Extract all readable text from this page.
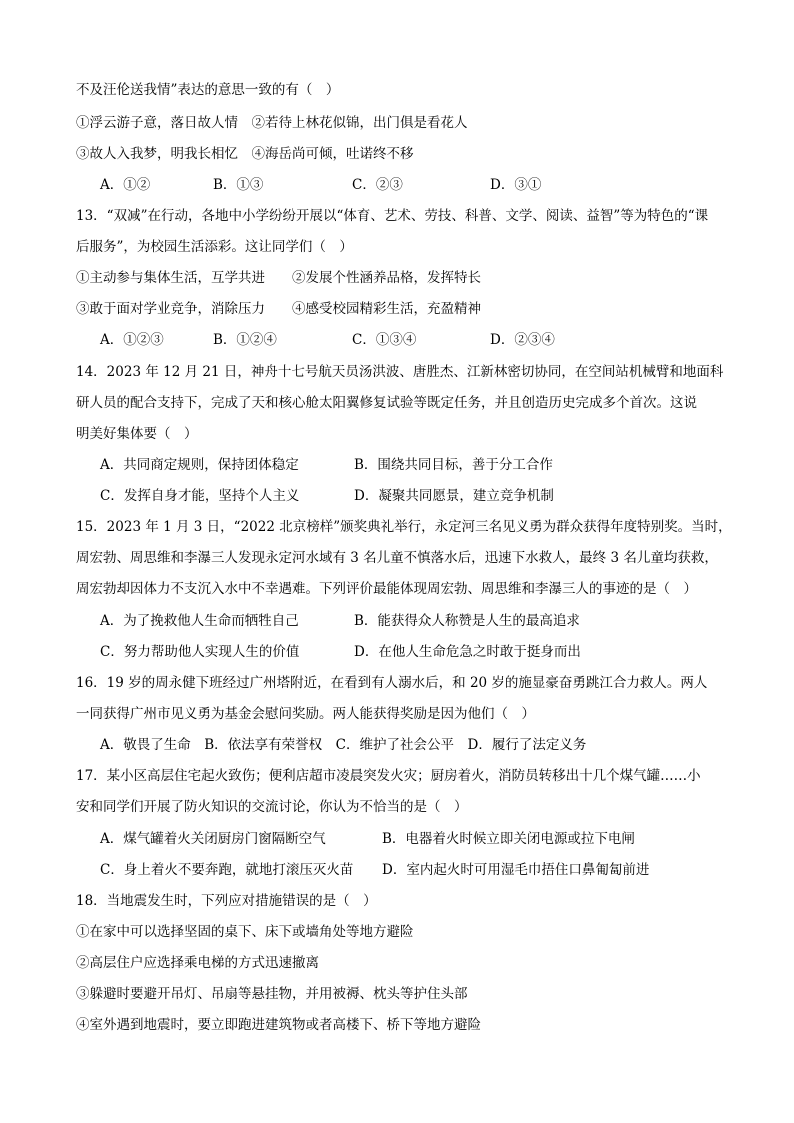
不及汪伦送我情”表达的意思一致的有（　）
①浮云游子意，落日故人情　②若待上林花似锦，出门俱是看花人
③故人入我梦，明我长相忆　④海岳尚可倾，吐诺终不移
A．①②	B．①③	C．②③	D．③①
13．“双减”在行动，各地中小学纷纷开展以“体育、艺术、劳技、科普、文学、阅读、益智”等为特色的“课
后服务”，为校园生活添彩。这让同学们（　）
①主动参与集体生活，互学共进　　②发展个性涵养品格，发挥特长
③敢于面对学业竞争，消除压力　　④感受校园精彩生活，充盈精神
A．①②③	B．①②④	C．①③④	D．②③④
14．2023 年 12 月 21 日，神舟十七号航天员汤洪波、唐胜杰、江新林密切协同，在空间站机械臂和地面科
研人员的配合支持下，完成了天和核心舱太阳翼修复试验等既定任务，并且创造历史完成多个首次。这说
明美好集体要（　）
A．共同商定规则，保持团体稳定	B．围绕共同目标，善于分工合作
C．发挥自身才能，坚持个人主义	D．凝聚共同愿景，建立竞争机制
15．2023 年 1 月 3 日，“2022 北京榜样”颁奖典礼举行，永定河三名见义勇为群众获得年度特别奖。当时，
周宏勃、周思维和李瀑三人发现永定河水域有 3 名儿童不慎落水后，迅速下水救人，最终 3 名儿童均获救，
周宏勃却因体力不支沉入水中不幸遇难。下列评价最能体现周宏勃、周思维和李瀑三人的事迹的是（　）
A．为了挽救他人生命而牺牲自己	B．能获得众人称赞是人生的最高追求
C．努力帮助他人实现人生的价值	D．在他人生命危急之时敢于挺身而出
16．19 岁的周永健下班经过广州塔附近，在看到有人溺水后，和 20 岁的施显豪奋勇跳江合力救人。两人
一同获得广州市见义勇为基金会慰问奖励。两人能获得奖励是因为他们（　）
A．敬畏了生命　B．依法享有荣誉权　C．维护了社会公平　D．履行了法定义务
17．某小区高层住宅起火致伤；便利店超市凌晨突发火灾；厨房着火，消防员转移出十几个煤气罐……小
安和同学们开展了防火知识的交流讨论，你认为不恰当的是（　）
A．煤气罐着火关闭厨房门窗隔断空气	B．电器着火时候立即关闭电源或拉下电闸
C．身上着火不要奔跑，就地打滚压灭火苗 D．室内起火时可用湿毛巾捂住口鼻匍匐前进
18．当地震发生时，下列应对措施错误的是（　）
①在家中可以选择坚固的桌下、床下或墙角处等地方避险
②高层住户应选择乘电梯的方式迅速撤离
③躲避时要避开吊灯、吊扇等悬挂物，并用被褥、枕头等护住头部
④室外遇到地震时，要立即跑进建筑物或者高楼下、桥下等地方避险
